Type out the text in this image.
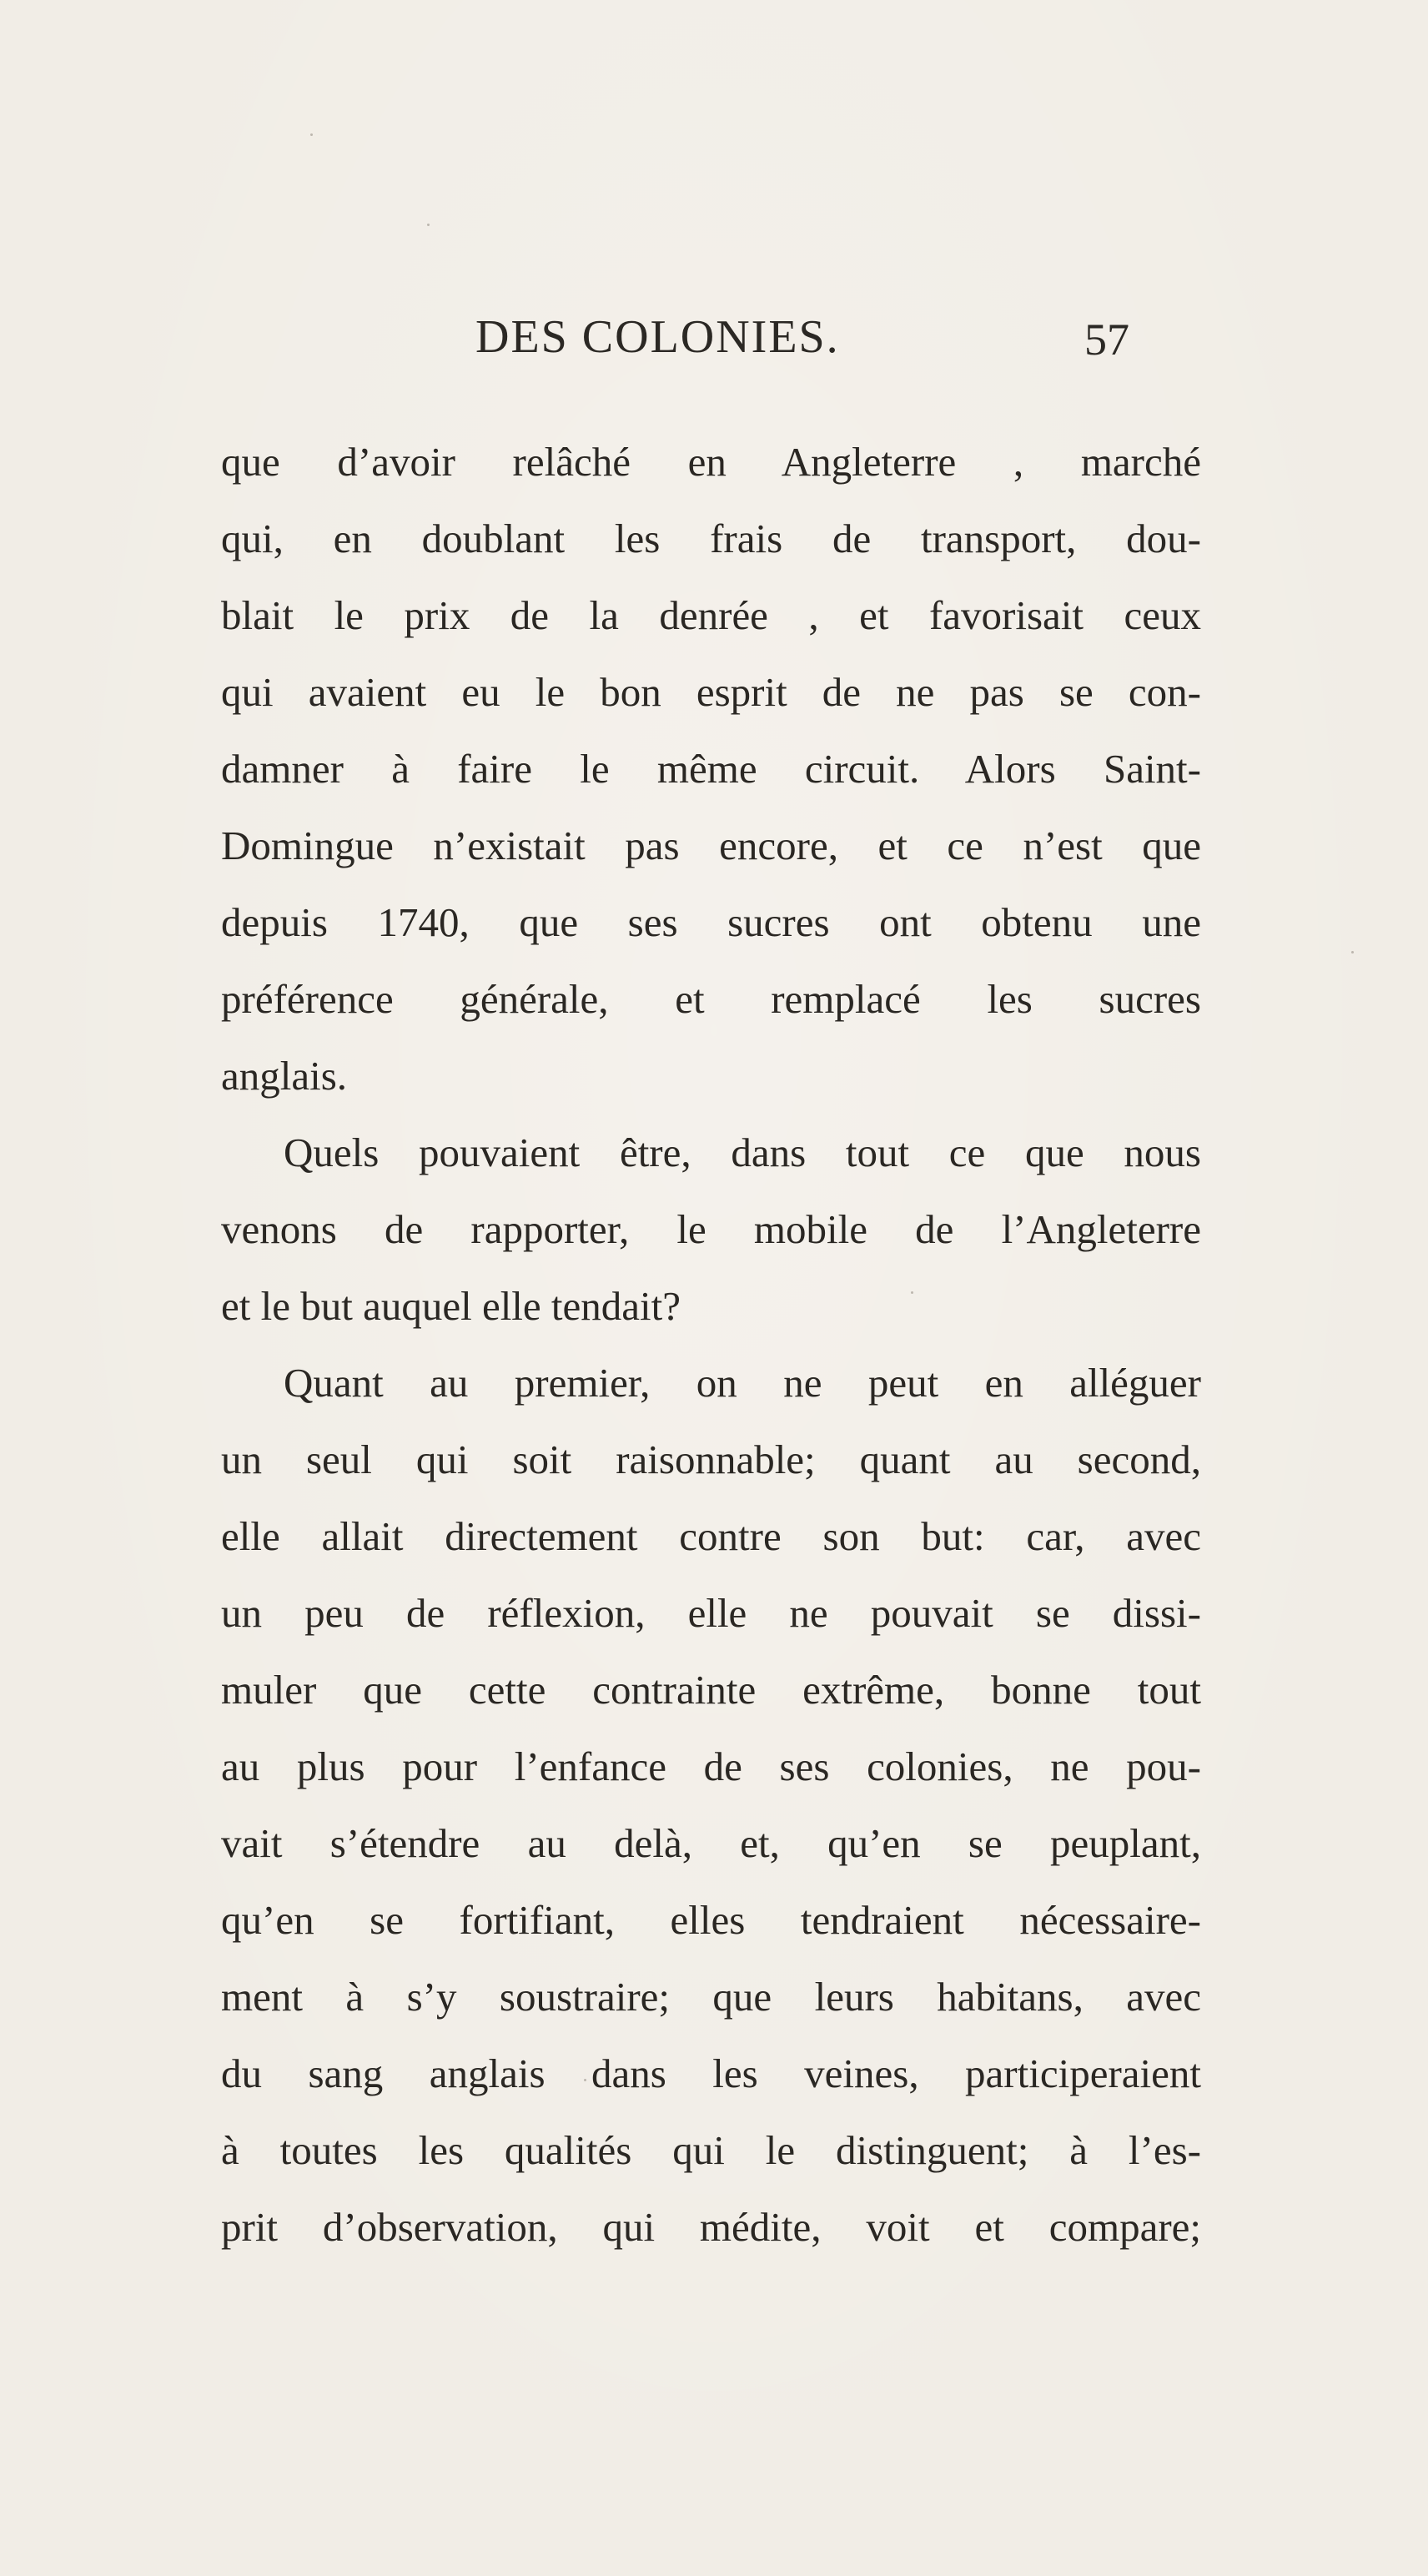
DES COLONIES.	57
que d’avoir relâché en Angleterre , marché
qui, en doublant les frais de transport, dou-
blait le prix de la denrée , et favorisait ceux
qui avaient eu le bon esprit de ne pas se con-
damner à faire le même circuit. Alors Saint-
Domingue n’existait pas encore, et ce n’est que
depuis 1740, que ses sucres ont obtenu une
préférence générale, et remplacé les sucres
anglais.
Quels pouvaient être, dans tout ce que nous
venons de rapporter, le mobile de l’Angleterre
et le but auquel elle tendait?
Quant au premier, on ne peut en alléguer
un seul qui soit raisonnable; quant au second,
elle allait directement contre son but: car, avec
un peu de réflexion, elle ne pouvait se dissi-
muler que cette contrainte extrême, bonne tout
au plus pour l’enfance de ses colonies, ne pou-
vait s’étendre au delà, et, qu’en se peuplant,
qu’en se fortifiant, elles tendraient nécessaire-
ment à s’y soustraire; que leurs habitans, avec
du sang anglais dans les veines, participeraient
à toutes les qualités qui le distinguent; à l’es-
prit d’observation, qui médite, voit et compare;
